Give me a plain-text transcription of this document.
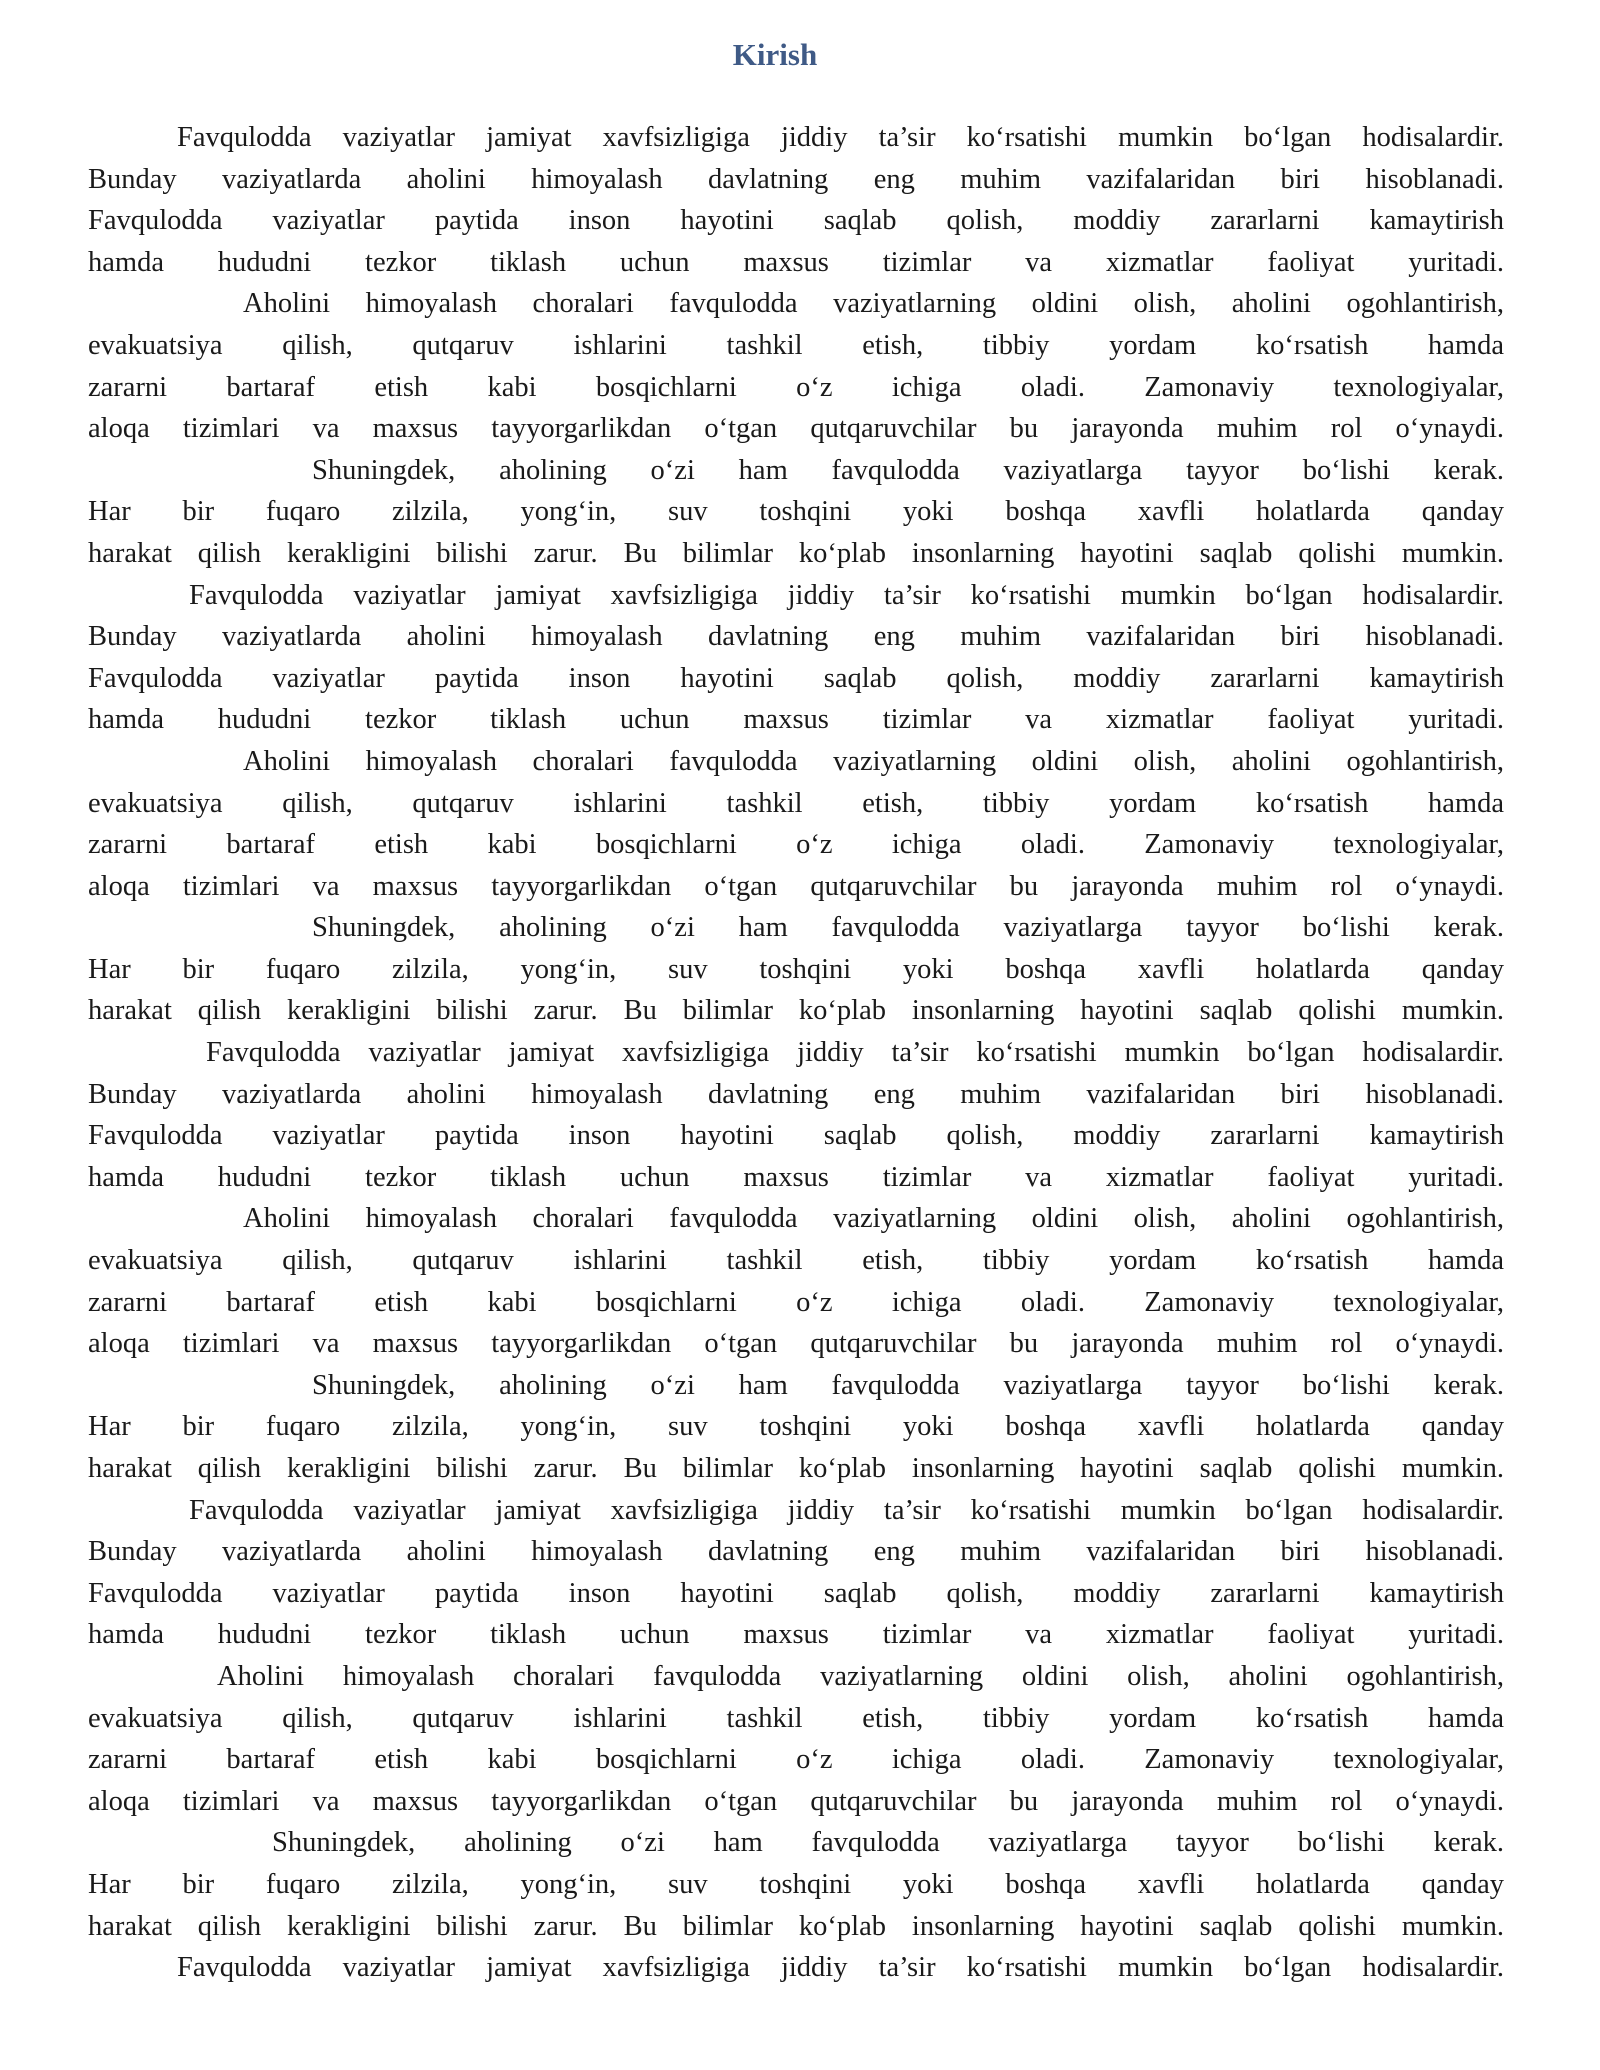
Kirish
Favqulodda vaziyatlar jamiyat xavfsizligiga jiddiy ta’sir ko‘rsatishi mumkin bo‘lgan hodisalardir.
Bunday vaziyatlarda aholini himoyalash davlatning eng muhim vazifalaridan biri hisoblanadi.
Favqulodda vaziyatlar paytida inson hayotini saqlab qolish, moddiy zararlarni kamaytirish
hamda hududni tezkor tiklash uchun maxsus tizimlar va xizmatlar faoliyat yuritadi.
Aholini himoyalash choralari favqulodda vaziyatlarning oldini olish, aholini ogohlantirish,
evakuatsiya qilish, qutqaruv ishlarini tashkil etish, tibbiy yordam ko‘rsatish hamda
zararni bartaraf etish kabi bosqichlarni o‘z ichiga oladi. Zamonaviy texnologiyalar,
aloqa tizimlari va maxsus tayyorgarlikdan o‘tgan qutqaruvchilar bu jarayonda muhim rol o‘ynaydi.
Shuningdek, aholining o‘zi ham favqulodda vaziyatlarga tayyor bo‘lishi kerak.
Har bir fuqaro zilzila, yong‘in, suv toshqini yoki boshqa xavfli holatlarda qanday
harakat qilish kerakligini bilishi zarur. Bu bilimlar ko‘plab insonlarning hayotini saqlab qolishi mumkin.
Favqulodda vaziyatlar jamiyat xavfsizligiga jiddiy ta’sir ko‘rsatishi mumkin bo‘lgan hodisalardir.
Bunday vaziyatlarda aholini himoyalash davlatning eng muhim vazifalaridan biri hisoblanadi.
Favqulodda vaziyatlar paytida inson hayotini saqlab qolish, moddiy zararlarni kamaytirish
hamda hududni tezkor tiklash uchun maxsus tizimlar va xizmatlar faoliyat yuritadi.
Aholini himoyalash choralari favqulodda vaziyatlarning oldini olish, aholini ogohlantirish,
evakuatsiya qilish, qutqaruv ishlarini tashkil etish, tibbiy yordam ko‘rsatish hamda
zararni bartaraf etish kabi bosqichlarni o‘z ichiga oladi. Zamonaviy texnologiyalar,
aloqa tizimlari va maxsus tayyorgarlikdan o‘tgan qutqaruvchilar bu jarayonda muhim rol o‘ynaydi.
Shuningdek, aholining o‘zi ham favqulodda vaziyatlarga tayyor bo‘lishi kerak.
Har bir fuqaro zilzila, yong‘in, suv toshqini yoki boshqa xavfli holatlarda qanday
harakat qilish kerakligini bilishi zarur. Bu bilimlar ko‘plab insonlarning hayotini saqlab qolishi mumkin.
Favqulodda vaziyatlar jamiyat xavfsizligiga jiddiy ta’sir ko‘rsatishi mumkin bo‘lgan hodisalardir.
Bunday vaziyatlarda aholini himoyalash davlatning eng muhim vazifalaridan biri hisoblanadi.
Favqulodda vaziyatlar paytida inson hayotini saqlab qolish, moddiy zararlarni kamaytirish
hamda hududni tezkor tiklash uchun maxsus tizimlar va xizmatlar faoliyat yuritadi.
Aholini himoyalash choralari favqulodda vaziyatlarning oldini olish, aholini ogohlantirish,
evakuatsiya qilish, qutqaruv ishlarini tashkil etish, tibbiy yordam ko‘rsatish hamda
zararni bartaraf etish kabi bosqichlarni o‘z ichiga oladi. Zamonaviy texnologiyalar,
aloqa tizimlari va maxsus tayyorgarlikdan o‘tgan qutqaruvchilar bu jarayonda muhim rol o‘ynaydi.
Shuningdek, aholining o‘zi ham favqulodda vaziyatlarga tayyor bo‘lishi kerak.
Har bir fuqaro zilzila, yong‘in, suv toshqini yoki boshqa xavfli holatlarda qanday
harakat qilish kerakligini bilishi zarur. Bu bilimlar ko‘plab insonlarning hayotini saqlab qolishi mumkin.
Favqulodda vaziyatlar jamiyat xavfsizligiga jiddiy ta’sir ko‘rsatishi mumkin bo‘lgan hodisalardir.
Bunday vaziyatlarda aholini himoyalash davlatning eng muhim vazifalaridan biri hisoblanadi.
Favqulodda vaziyatlar paytida inson hayotini saqlab qolish, moddiy zararlarni kamaytirish
hamda hududni tezkor tiklash uchun maxsus tizimlar va xizmatlar faoliyat yuritadi.
Aholini himoyalash choralari favqulodda vaziyatlarning oldini olish, aholini ogohlantirish,
evakuatsiya qilish, qutqaruv ishlarini tashkil etish, tibbiy yordam ko‘rsatish hamda
zararni bartaraf etish kabi bosqichlarni o‘z ichiga oladi. Zamonaviy texnologiyalar,
aloqa tizimlari va maxsus tayyorgarlikdan o‘tgan qutqaruvchilar bu jarayonda muhim rol o‘ynaydi.
Shuningdek, aholining o‘zi ham favqulodda vaziyatlarga tayyor bo‘lishi kerak.
Har bir fuqaro zilzila, yong‘in, suv toshqini yoki boshqa xavfli holatlarda qanday
harakat qilish kerakligini bilishi zarur. Bu bilimlar ko‘plab insonlarning hayotini saqlab qolishi mumkin.
Favqulodda vaziyatlar jamiyat xavfsizligiga jiddiy ta’sir ko‘rsatishi mumkin bo‘lgan hodisalardir.
